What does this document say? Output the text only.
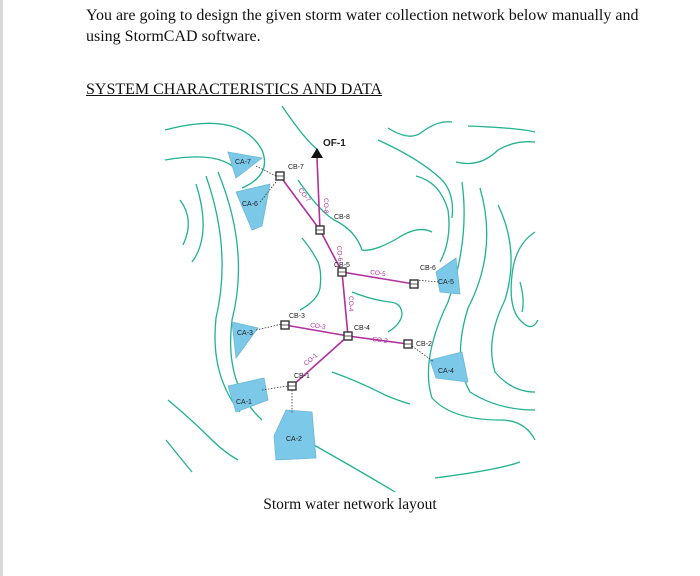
You are going to design the given storm water collection network below manually and using StormCAD software.

SYSTEM CHARACTERISTICS AND DATA

CO-8
CO-7
CO-6
CO-5
CO-4
CO-3
CO-1
CO-2
OF-1
CB-7
CB-8
CB-5	CB-6
CB-3
CB-4
CB-2
CB-1
CA-7
CA-6
CA-3
CA-1
CA-2
CA-4
CA-5

Storm water network layout
